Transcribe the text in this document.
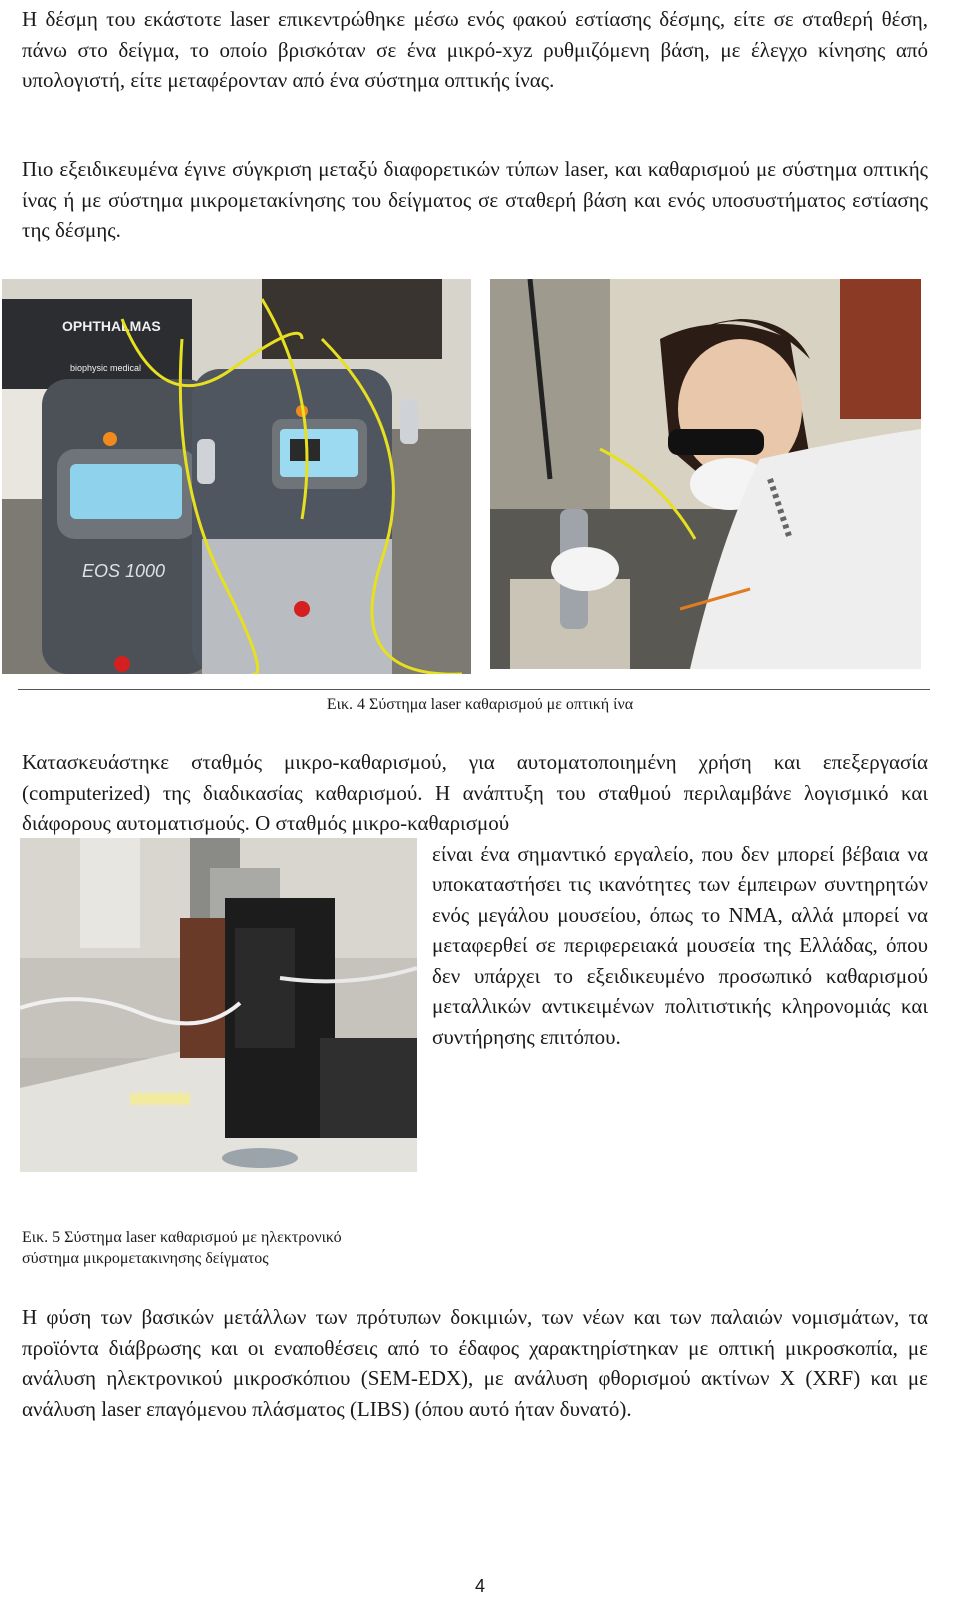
Η δέσμη του εκάστοτε laser επικεντρώθηκε μέσω ενός φακού εστίασης δέσμης, είτε σε σταθερή θέση, πάνω στο δείγμα, το οποίο βρισκόταν σε ένα μικρό-xyz ρυθμιζόμενη βάση, με έλεγχο κίνησης από υπολογιστή, είτε μεταφέρονταν από ένα σύστημα οπτικής ίνας.

Πιο εξειδικευμένα έγινε σύγκριση μεταξύ διαφορετικών τύπων laser, και καθαρισμού με σύστημα οπτικής ίνας ή με σύστημα μικρομετακίνησης του δείγματος σε σταθερή βάση και ενός υποσυστήματος εστίασης της δέσμης.

OPHTHALMAS
biophysic medical
EOS 1000

Εικ. 4 Σύστημα laser καθαρισμού με οπτική ίνα

Κατασκευάστηκε σταθμός μικρο-καθαρισμού, για αυτοματοποιημένη χρήση και επεξεργασία (computerized) της διαδικασίας καθαρισμού. Η ανάπτυξη του σταθμού περιλαμβάνε λογισμικό και διάφορους αυτοματισμούς. Ο σταθμός μικρο-καθαρισμού

είναι ένα σημαντικό εργαλείο, που δεν μπορεί βέβαια να υποκαταστήσει τις ικανότητες των έμπειρων συντηρητών ενός μεγάλου μουσείου, όπως το ΝΜΑ, αλλά μπορεί να μεταφερθεί σε περιφερειακά μουσεία της Ελλάδας, όπου δεν υπάρχει το εξειδικευμένο προσωπικό καθαρισμού μεταλλικών αντικειμένων πολιτιστικής κληρονομιάς και συντήρησης επιτόπου.

Εικ. 5 Σύστημα laser καθαρισμού με ηλεκτρονικό
σύστημα μικρομετακινησης δείγματος

Η φύση των βασικών μετάλλων των πρότυπων δοκιμιών, των νέων και των παλαιών νομισμάτων, τα προϊόντα διάβρωσης και οι εναποθέσεις από το έδαφος χαρακτηρίστηκαν με οπτική μικροσκοπία, με ανάλυση ηλεκτρονικού μικροσκόπιου (SEM-EDX), με ανάλυση φθορισμού ακτίνων Χ (XRF) και με ανάλυση laser επαγόμενου πλάσματος (LIBS) (όπου αυτό ήταν δυνατό).

4
